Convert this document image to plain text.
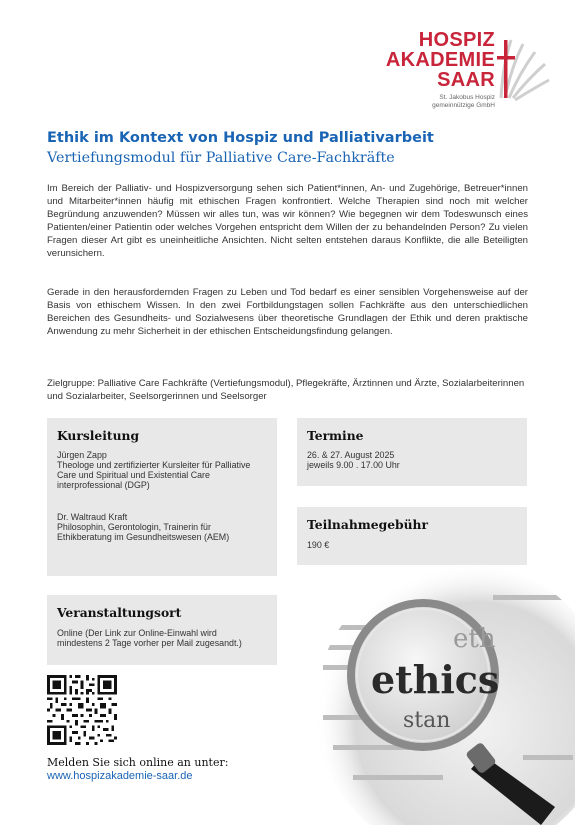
HOSPIZ
AKADEMIE
SAAR
St. Jakobus Hospiz
gemeinnützige GmbH
Ethik im Kontext von Hospiz und Palliativarbeit
Vertiefungsmodul für Palliative Care-Fachkräfte
Im Bereich der Palliativ- und Hospizversorgung sehen sich Patient*innen, An- und Zugehörige, Betreuer*innen und Mitarbeiter*innen häufig mit ethischen Fragen konfrontiert. Welche Therapien sind noch mit welcher Begründung anzuwenden? Müssen wir alles tun, was wir können? Wie begegnen wir dem Todeswunsch eines Patienten/einer Patientin oder welches Vorgehen entspricht dem Willen der zu behandelnden Person? Zu vielen Fragen dieser Art gibt es uneinheitliche Ansichten. Nicht selten entstehen daraus Konflikte, die alle Beteiligten verunsichern.
Gerade in den herausfordernden Fragen zu Leben und Tod bedarf es einer sensiblen Vorgehensweise auf der Basis von ethischem Wissen. In den zwei Fortbildungstagen sollen Fachkräfte aus den unterschiedlichen Bereichen des Gesundheits- und Sozialwesens über theoretische Grundlagen der Ethik und deren praktische Anwendung zu mehr Sicherheit in der ethischen Entscheidungsfindung gelangen.
Zielgruppe: Palliative Care Fachkräfte (Vertiefungsmodul), Pflegekräfte, Ärztinnen und Ärzte, Sozialarbeiterinnen und Sozialarbeiter, Seelsorgerinnen und Seelsorger
Kursleitung
Jürgen Zapp
Theologe und zertifizierter Kursleiter für Palliative Care und Spiritual und Existential Care interprofessional (DGP)
Dr. Waltraud Kraft
Philosophin, Gerontologin, Trainerin für Ethikberatung im Gesundheitswesen (AEM)
Termine
26. & 27. August 2025
jeweils 9.00 . 17.00 Uhr
Teilnahmegebühr
190 €
Veranstaltungsort
Online (Der Link zur Online-Einwahl wird mindestens 2 Tage vorher per Mail zugesandt.)
Melden Sie sich online an unter:
www.hospizakademie-saar.de
eth
ethics
stan
